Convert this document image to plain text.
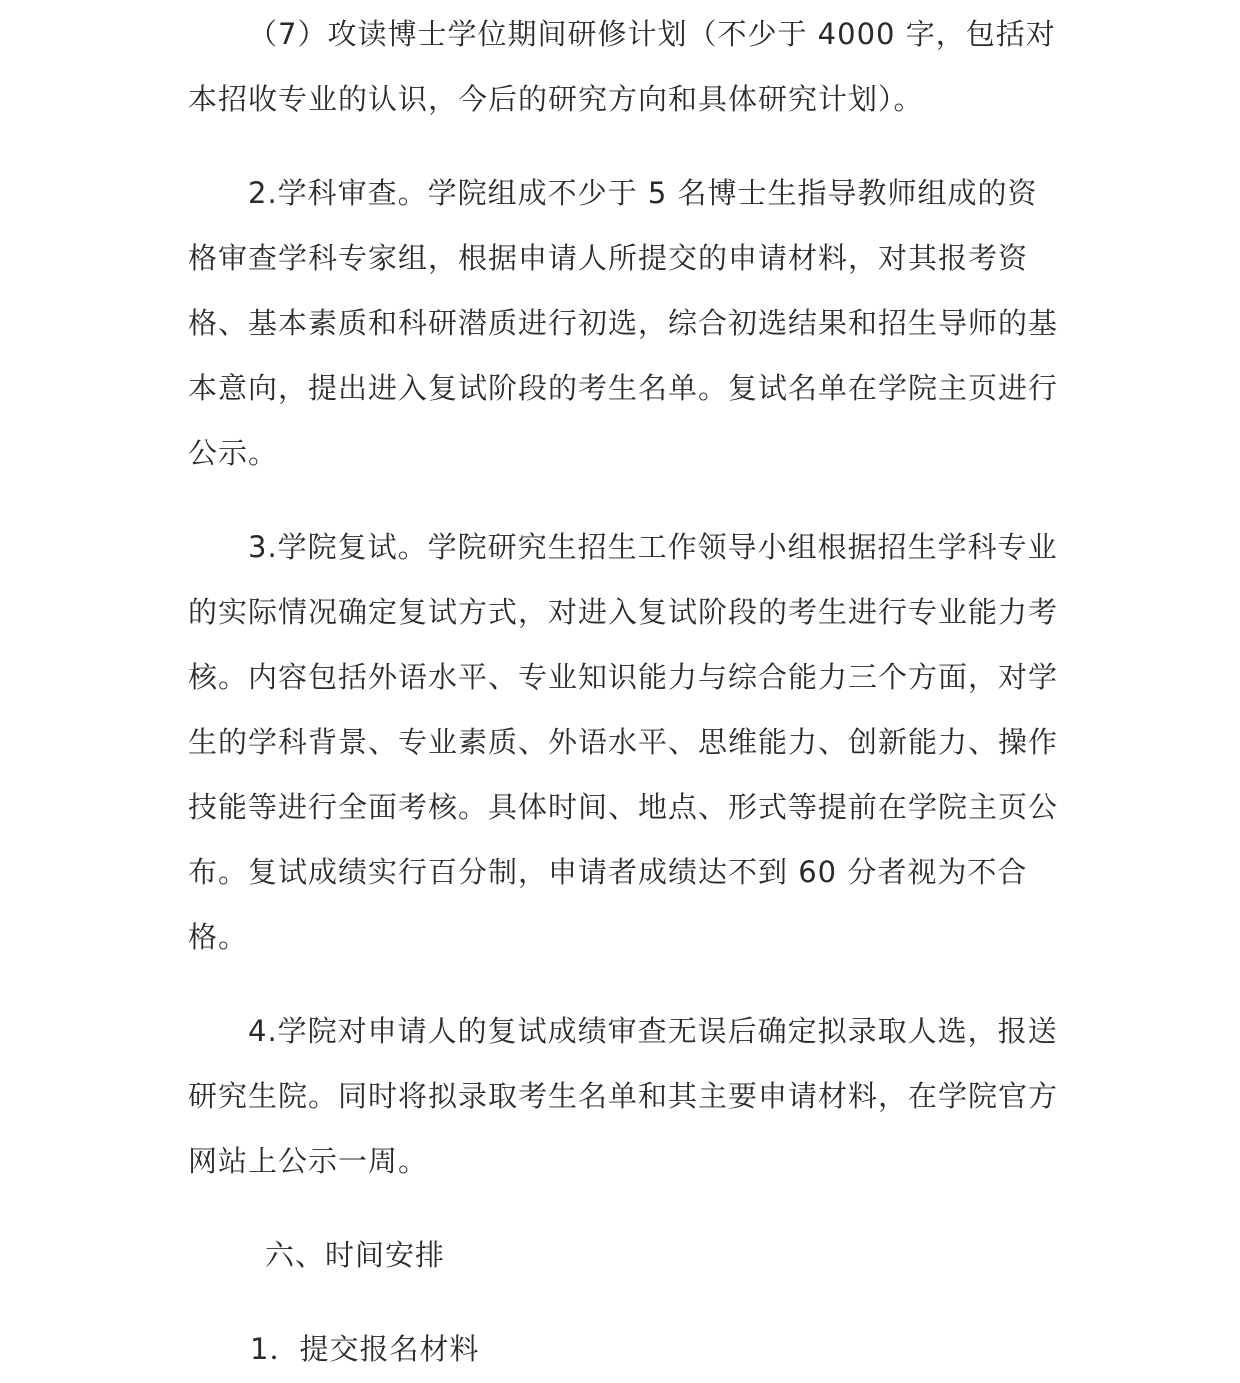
（7）攻读博士学位期间研修计划（不少于 4000 字，包括对本招收专业的认识，今后的研究方向和具体研究计划）。

2.学科审查。学院组成不少于 5 名博士生指导教师组成的资格审查学科专家组，根据申请人所提交的申请材料，对其报考资格、基本素质和科研潜质进行初选，综合初选结果和招生导师的基本意向，提出进入复试阶段的考生名单。复试名单在学院主页进行公示。

3.学院复试。学院研究生招生工作领导小组根据招生学科专业的实际情况确定复试方式，对进入复试阶段的考生进行专业能力考核。内容包括外语水平、专业知识能力与综合能力三个方面，对学生的学科背景、专业素质、外语水平、思维能力、创新能力、操作技能等进行全面考核。具体时间、地点、形式等提前在学院主页公布。复试成绩实行百分制，申请者成绩达不到 60 分者视为不合格。

4.学院对申请人的复试成绩审查无误后确定拟录取人选，报送研究生院。同时将拟录取考生名单和其主要申请材料，在学院官方网站上公示一周。

六、时间安排
1．提交报名材料
